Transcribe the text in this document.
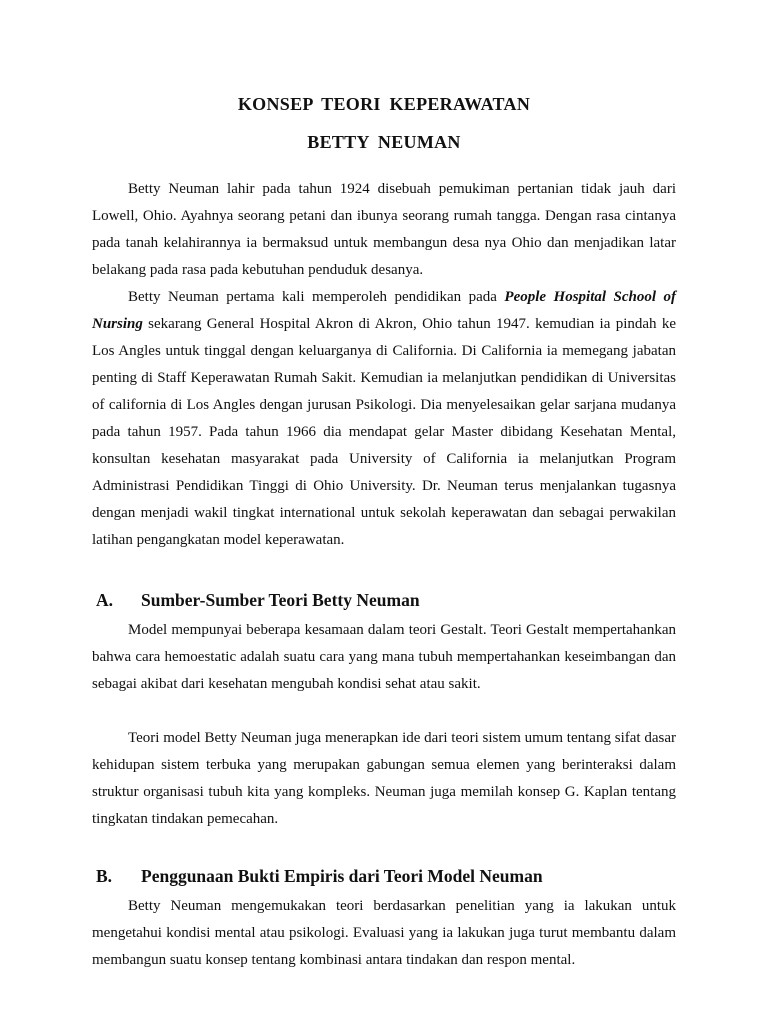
KONSEP TEORI KEPERAWATAN
BETTY NEUMAN

Betty Neuman lahir pada tahun 1924 disebuah pemukiman pertanian tidak jauh dari Lowell, Ohio. Ayahnya seorang petani dan ibunya seorang rumah tangga. Dengan rasa cintanya pada tanah kelahirannya ia bermaksud untuk membangun desa nya Ohio dan menjadikan latar belakang pada rasa pada kebutuhan penduduk desanya.

Betty Neuman pertama kali memperoleh pendidikan pada People Hospital School of Nursing sekarang General Hospital Akron di Akron, Ohio tahun 1947. kemudian ia pindah ke Los Angles untuk tinggal dengan keluarganya di California. Di California ia memegang jabatan penting di Staff Keperawatan Rumah Sakit. Kemudian ia melanjutkan pendidikan di Universitas of california di Los Angles dengan jurusan Psikologi. Dia menyelesaikan gelar sarjana mudanya pada tahun 1957. Pada tahun 1966 dia mendapat gelar Master dibidang Kesehatan Mental, konsultan kesehatan masyarakat pada University of California ia melanjutkan Program Administrasi Pendidikan Tinggi di Ohio University. Dr. Neuman terus menjalankan tugasnya dengan menjadi wakil tingkat international untuk sekolah keperawatan dan sebagai perwakilan latihan pengangkatan model keperawatan.

A. Sumber-Sumber Teori Betty Neuman

Model mempunyai beberapa kesamaan dalam teori Gestalt. Teori Gestalt mempertahankan bahwa cara hemoestatic adalah suatu cara yang mana tubuh mempertahankan keseimbangan dan sebagai akibat dari kesehatan mengubah kondisi sehat atau sakit.

Teori model Betty Neuman juga menerapkan ide dari teori sistem umum tentang sifat dasar kehidupan sistem terbuka yang merupakan gabungan semua elemen yang berinteraksi dalam struktur organisasi tubuh kita yang kompleks. Neuman juga memilah konsep G. Kaplan tentang tingkatan tindakan pemecahan.

B. Penggunaan Bukti Empiris dari Teori Model Neuman

Betty Neuman mengemukakan teori berdasarkan penelitian yang ia lakukan untuk mengetahui kondisi mental atau psikologi. Evaluasi yang ia lakukan juga turut membantu dalam membangun suatu konsep tentang kombinasi antara tindakan dan respon mental.
